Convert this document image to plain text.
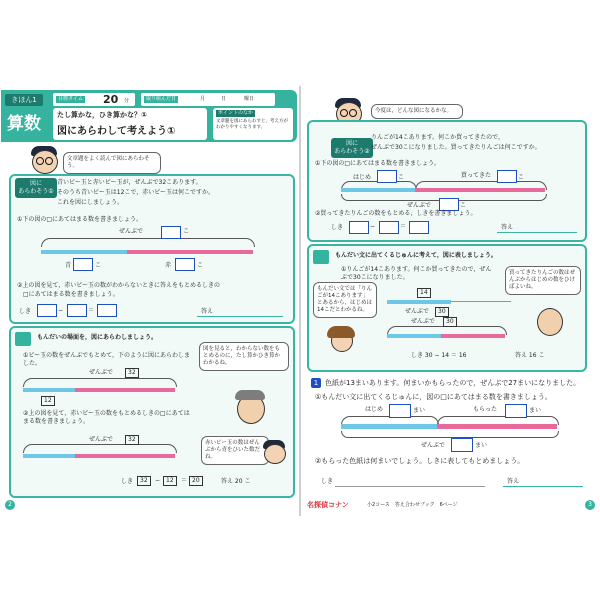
きほん1
算数
目標タイム 20 分	取り組んだ日	月	日	曜日
たし算かな，ひき算かな？①
図にあらわして考えよう①
ポイントのなか
文章題を図にあらわすと，考え方がわかりやすくなります。
文章題をよく読んで図にあらわそう。
図に
あらわそう①
青いビー玉と赤いビー玉が，ぜんぶで32こあります。
そのうち青いビー玉は12こで，赤いビー玉は何こですか。
これを図にしましょう。
①下の図の□にあてはまる数を書きましょう。
ぜんぶで	こ
青	こ	赤	こ
②上の図を見て，赤いビー玉の数がわからないときに答えをもとめるしきの
□にあてはまる数を書きましょう。
しき	−	＝	答え
もんだいの場面を，図にあらわしましょう。
①ビー玉の数をぜんぶでもとめて，下のように図にあらわしました。
ぜんぶで	32
12
②上の図を見て，赤いビー玉の数をもとめるしきの□にあてはまる数を書きましょう。
ぜんぶで	32
しき	32	− 12	＝ 20	答え 20 こ
図を見ると，わからない数をもとめるのに，たし算かひき算かわかるね。
赤いビー玉の数はぜんぶから青をひいた数だね。
2
今度は，どんな図になるかな。
図に
あらわそう②
りんごが14こあります。何こか買ってきたので，
ぜんぶで30こになりました。買ってきたりんごは何こですか。
①下の図の□にあてはまる数を書きましょう。
はじめ	こ	買ってきた	こ
ぜんぶで	こ
②買ってきたりんごの数をもとめる，しきを書きましょう。
しき	−	＝	答え
もんだい文に出てくるじゅんに考えて，図に表しましょう。
①りんごが14こあります。何こか買ってきたので，ぜんぶで30こになりました。
もんだい文では「りんごが14こあります」とあるから，はじめは14こだとわかるね。
買ってきたりんごの数はぜんぶからはじめの数をひけばよいね。
14
ぜんぶで	30
ぜんぶで	30
しき 30 − 14 ＝ 16	答え 16 こ
1 色紙が13まいあります。何まいかもらったので，ぜんぶで27まいになりました。
①もんだい文に出てくるじゅんに，図の□にあてはまる数を書きましょう。
はじめ	まい	もらった	まい
ぜんぶで	まい
②もらった色紙は何まいでしょう。しきに表してもとめましょう。
しき	答え
名探偵コナン	小2コース　答え合わせブック　6ページ	3
